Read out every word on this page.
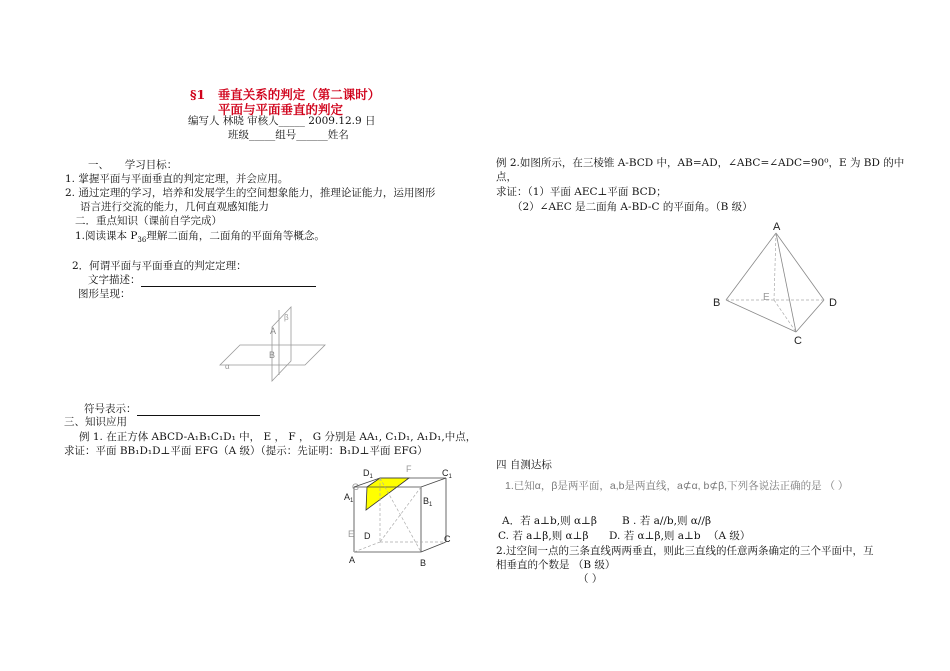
§1　垂直关系的判定（第二课时）
平面与平面垂直的判定
编写人 林晓 审核人_____ 2009.12.9 日
班级_____组号______姓名
一、　　学习目标：
1. 掌握平面与平面垂直的判定定理，并会应用。
2. 通过定理的学习，培养和发展学生的空间想象能力，推理论证能力，运用图形
语言进行交流的能力，几何直观感知能力
二．重点知识（课前自学完成）
1.阅读课本 $P_{36}$理解二面角，二面角的平面角等概念。
2．何谓平面与平面垂直的判定定理：
文字描述：
图形呈现：
α
β
A
B
符号表示：
三、知识应用
例 1. 在正方体 ABCD-A₁B₁C₁D₁ 中， E ， F ， G 分别是 AA₁, C₁D₁, A₁D₁,中点，
求证：平面 BB₁D₁D⊥平面 EFG（A 级）（提示：先证明：B₁D⊥平面 EFG）
$D_1$
F	$C_1$
G
$A_1$	$B_1$
E D	C
A	B
例 2.如图所示，在三棱锥 A-BCD 中，AB=AD，∠ABC=∠ADC=90⁰，E 为 BD 的中
点，
求证：（1）平面 AEC⊥平面 BCD；
（2）∠AEC 是二面角 A-BD-C 的平面角。（B 级）
A
B	D
E
C
四 自测达标
1.已知α，β是两平面，a,b是两直线，a⊄α, b⊄β,下列各说法正确的是 （ ）
A．若 a⊥b,则 α⊥β B . 若 a//b,则 α//β
C. 若 a⊥β,则 α⊥β D. 若 α⊥β,则 a⊥b （A 级）
2.过空间一点的三条直线两两垂直，则此三直线的任意两条确定的三个平面中，互
相垂直的个数是 （B 级）
（ ）
